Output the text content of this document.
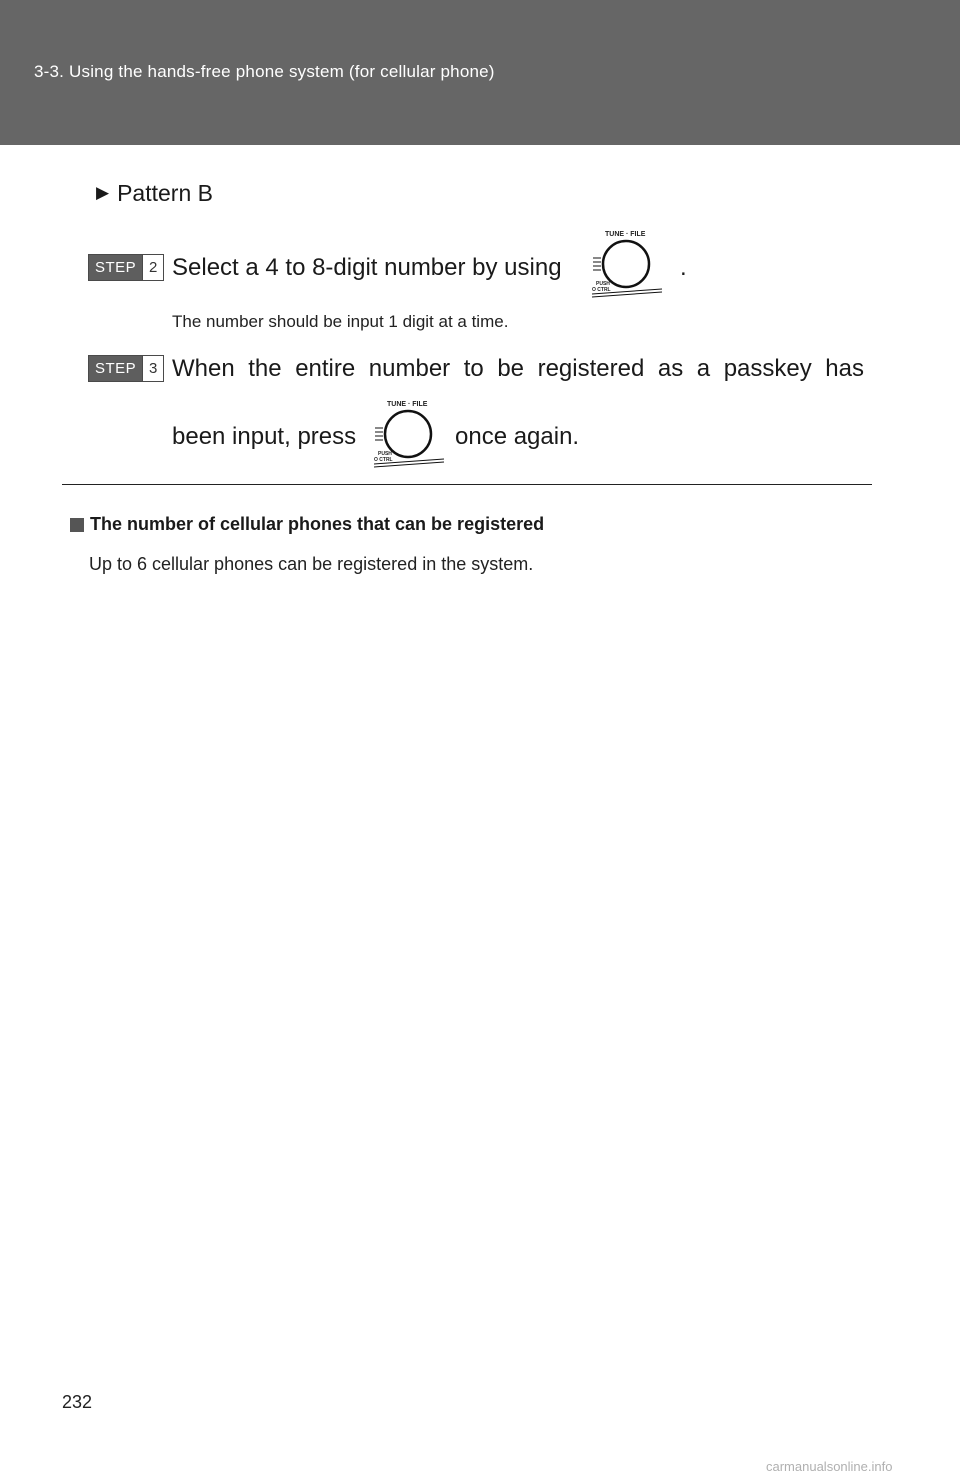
3-3. Using the hands-free phone system (for cellular phone)
▶ Pattern B
STEP 2 Select a 4 to 8-digit number by using
TUNE · FILE
PUSH
O CTRL
.
The number should be input 1 digit at a time.
STEP 3 When the entire number to be registered as a passkey has
been input, press
TUNE · FILE
PUSH
O CTRL
once again.
The number of cellular phones that can be registered
Up to 6 cellular phones can be registered in the system.
232
carmanualsonline.info
